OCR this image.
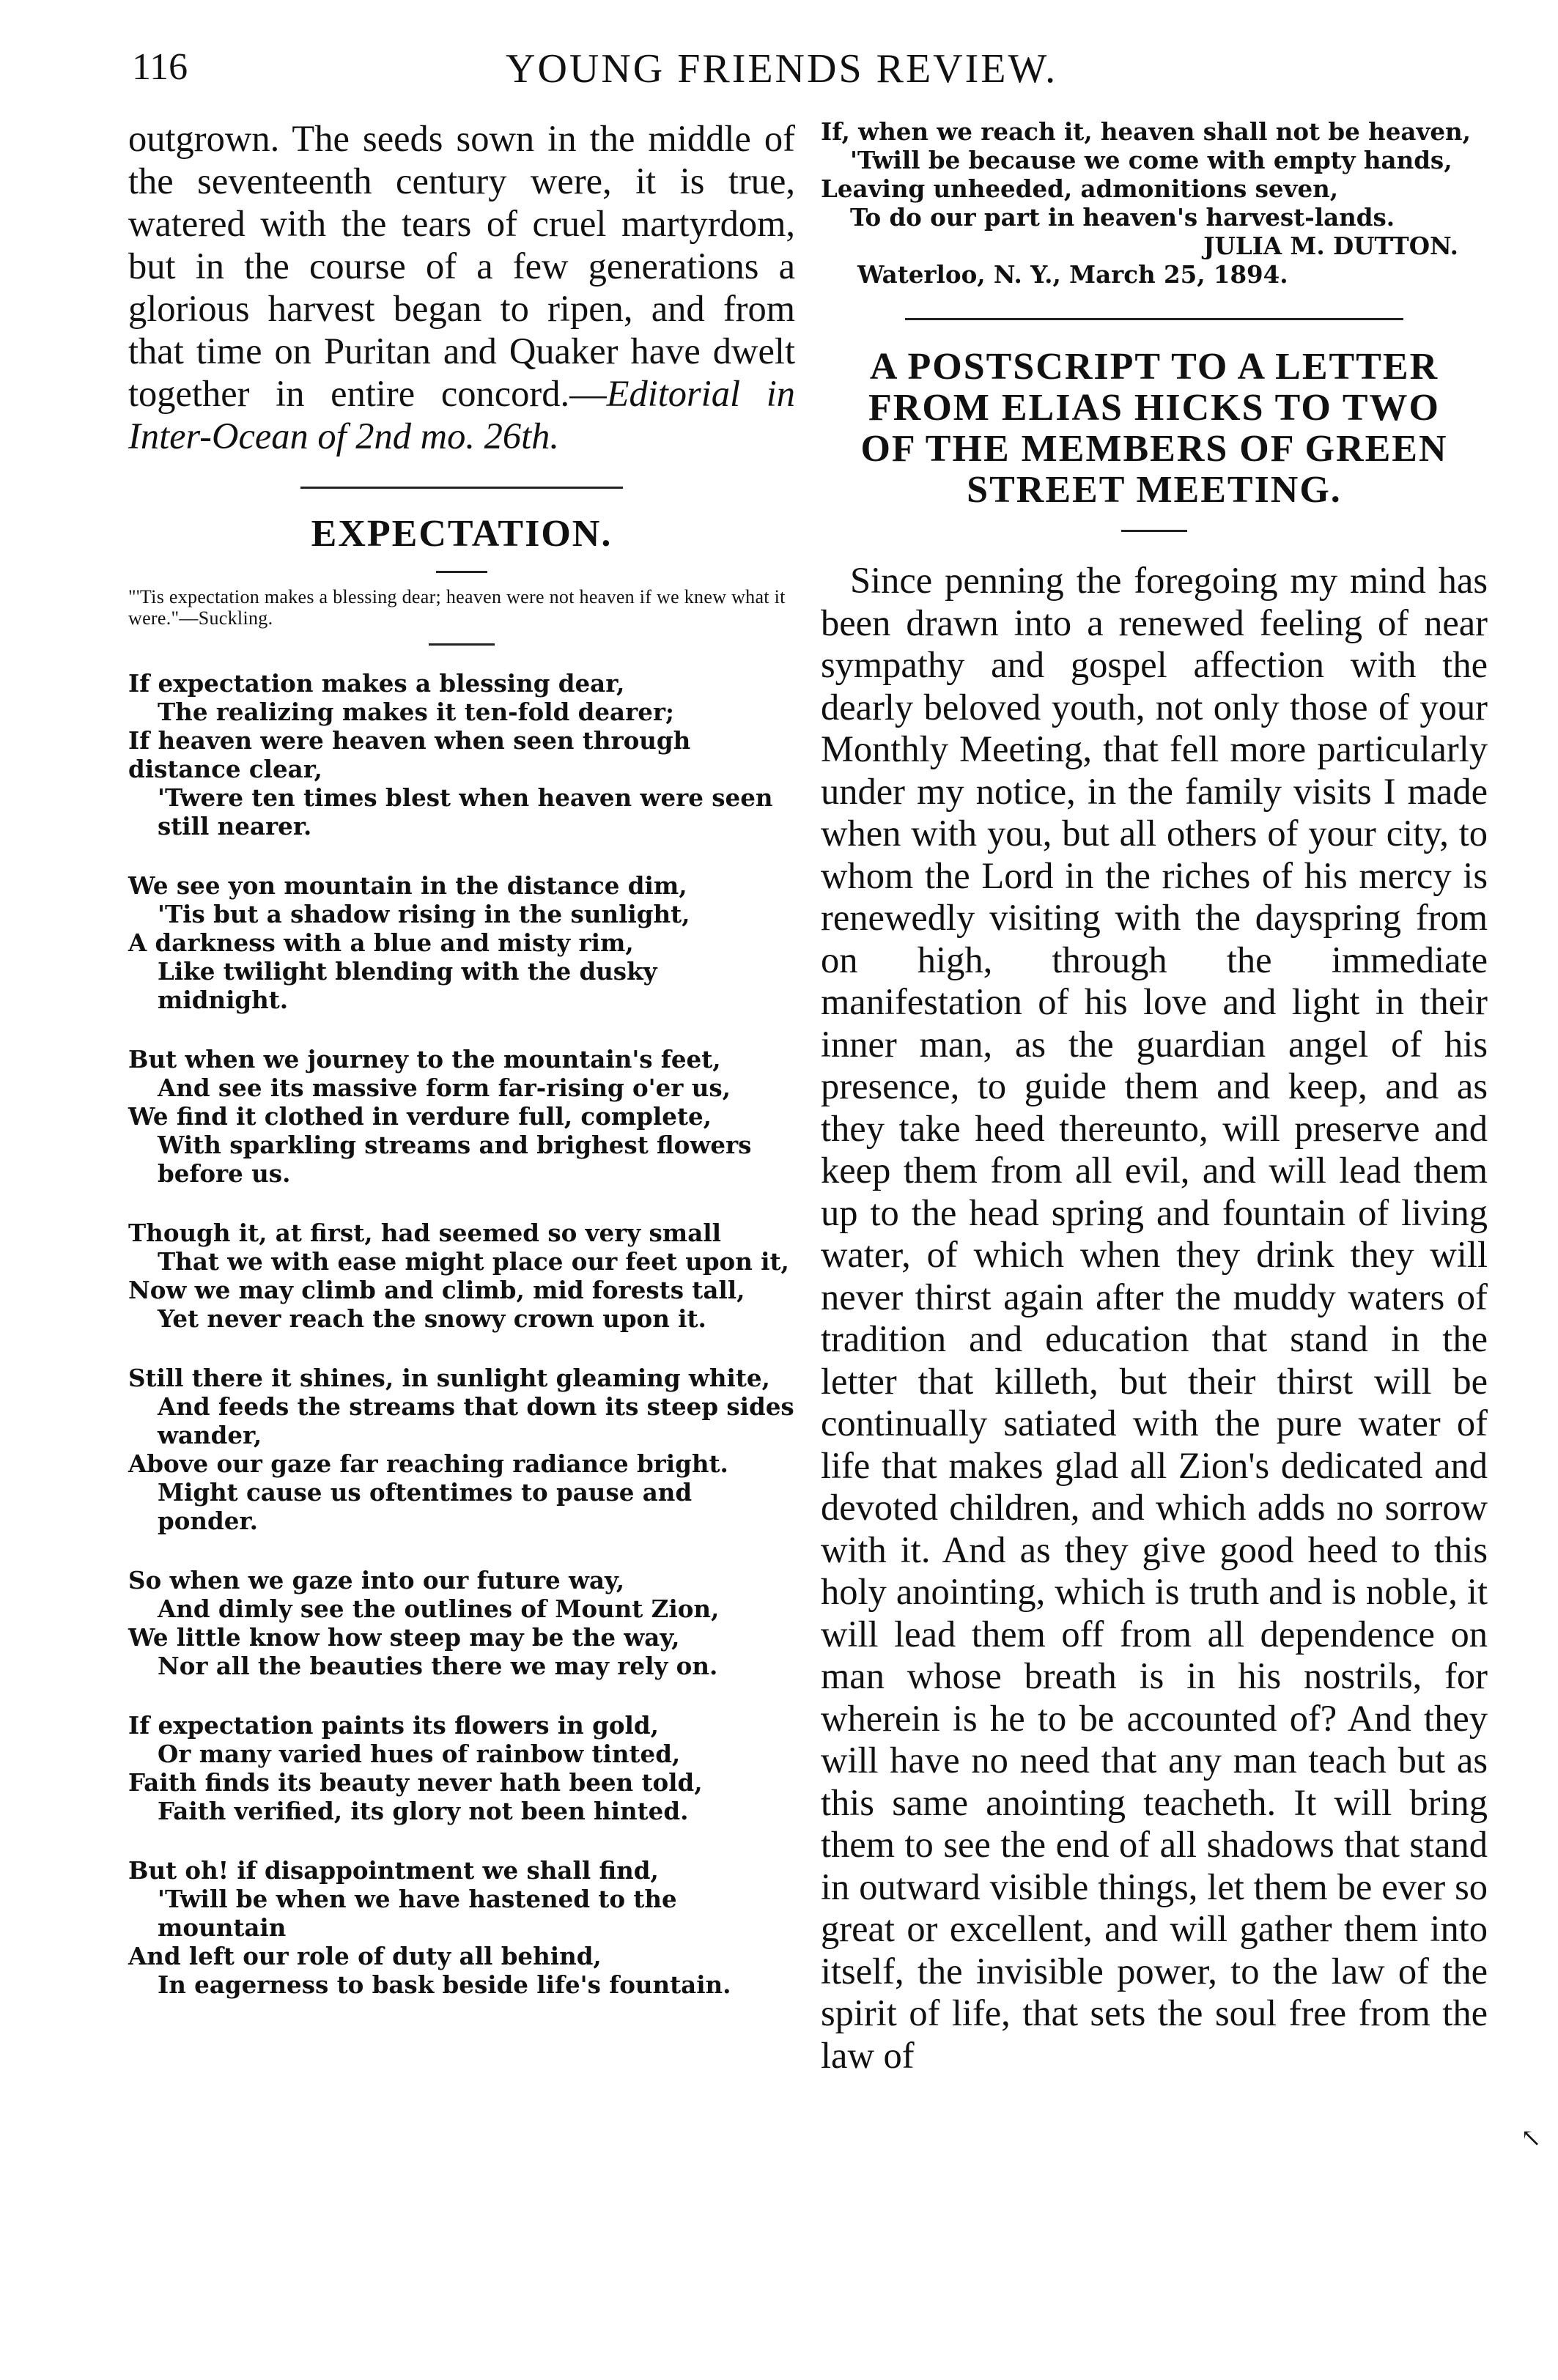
116	YOUNG FRIENDS REVIEW.

outgrown. The seeds sown in the middle of the seventeenth century were, it is true, watered with the tears of cruel martyrdom, but in the course of a few generations a glorious harvest began to ripen, and from that time on Puritan and Quaker have dwelt together in entire concord.—Editorial in Inter-Ocean of 2nd mo. 26th.

EXPECTATION.

"'Tis expectation makes a blessing dear; heaven were not heaven if we knew what it were."—Suckling.

If expectation makes a blessing dear,
The realizing makes it ten-fold dearer;
If heaven were heaven when seen through distance clear,
'Twere ten times blest when heaven were seen still nearer.
We see yon mountain in the distance dim,
'Tis but a shadow rising in the sunlight,
A darkness with a blue and misty rim,
Like twilight blending with the dusky midnight.
But when we journey to the mountain's feet,
And see its massive form far-rising o'er us,
We find it clothed in verdure full, complete,
With sparkling streams and brighest flowers before us.
Though it, at first, had seemed so very small
That we with ease might place our feet upon it,
Now we may climb and climb, mid forests tall,
Yet never reach the snowy crown upon it.
Still there it shines, in sunlight gleaming white,
And feeds the streams that down its steep sides wander,
Above our gaze far reaching radiance bright.
Might cause us oftentimes to pause and ponder.
So when we gaze into our future way,
And dimly see the outlines of Mount Zion,
We little know how steep may be the way,
Nor all the beauties there we may rely on.
If expectation paints its flowers in gold,
Or many varied hues of rainbow tinted,
Faith finds its beauty never hath been told,
Faith verified, its glory not been hinted.
But oh! if disappointment we shall find,
'Twill be when we have hastened to the mountain
And left our role of duty all behind,
In eagerness to bask beside life's fountain.
If, when we reach it, heaven shall not be heaven,
'Twill be because we come with empty hands,
Leaving unheeded, admonitions seven,
To do our part in heaven's harvest-lands.
JULIA M. DUTTON.
Waterloo, N. Y., March 25, 1894.
A POSTSCRIPT TO A LETTER FROM ELIAS HICKS TO TWO OF THE MEMBERS OF GREEN STREET MEETING.

Since penning the foregoing my mind has been drawn into a renewed feeling of near sympathy and gospel affection with the dearly beloved youth, not only those of your Monthly Meeting, that fell more particularly under my notice, in the family visits I made when with you, but all others of your city, to whom the Lord in the riches of his mercy is renewedly visiting with the dayspring from on high, through the immediate manifestation of his love and light in their inner man, as the guardian angel of his presence, to guide them and keep, and as they take heed thereunto, will preserve and keep them from all evil, and will lead them up to the head spring and fountain of living water, of which when they drink they will never thirst again after the muddy waters of tradition and education that stand in the letter that killeth, but their thirst will be continually satiated with the pure water of life that makes glad all Zion's dedicated and devoted children, and which adds no sorrow with it. And as they give good heed to this holy anointing, which is truth and is noble, it will lead them off from all dependence on man whose breath is in his nostrils, for wherein is he to be accounted of? And they will have no need that any man teach but as this same anointing teacheth. It will bring them to see the end of all shadows that stand in outward visible things, let them be ever so great or excellent, and will gather them into itself, the invisible power, to the law of the spirit of life, that sets the soul free from the law of

↖
